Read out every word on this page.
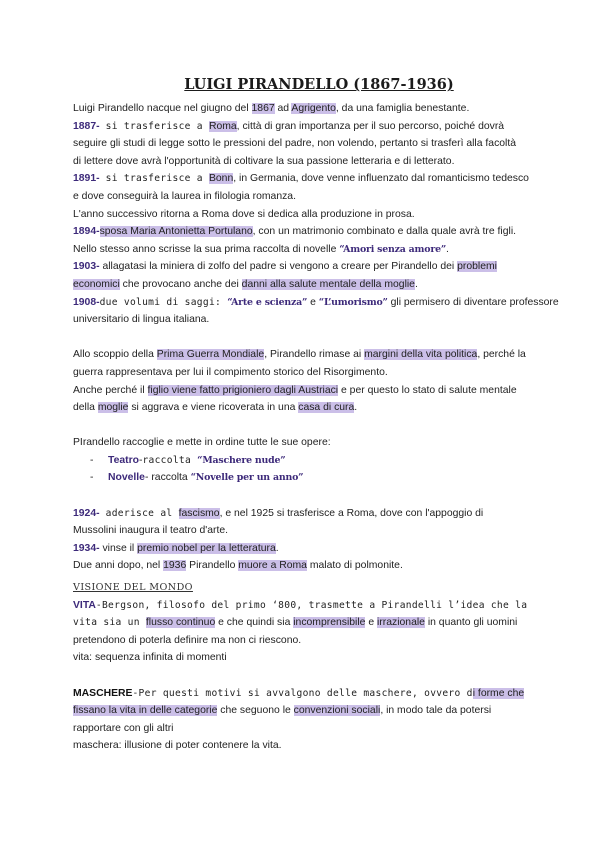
LUIGI PIRANDELLO (1867-1936)

Luigi Pirandello nacque nel giugno del 1867 ad Agrigento, da una famiglia benestante.

1887- si trasferisce a Roma, città di gran importanza per il suo percorso, poiché dovrà
seguire gli studi di legge sotto le pressioni del padre, non volendo, pertanto si trasferì alla facoltà
di lettere dove avrà l'opportunità di coltivare la sua passione letteraria e di letterato.

1891- si trasferisce a Bonn, in Germania, dove venne influenzato dal romanticismo tedesco
e dove conseguirà la laurea in filologia romanza.
L'anno successivo ritorna a Roma dove si dedica alla produzione in prosa.

1894-sposa Maria Antonietta Portulano, con un matrimonio combinato e dalla quale avrà tre figli.
Nello stesso anno scrisse la sua prima raccolta di novelle “Amori senza amore”.

1903- allagatasi la miniera di zolfo del padre si vengono a creare per Pirandello dei problemi
economici che provocano anche dei danni alla salute mentale della moglie.

1908-due volumi di saggi: “Arte e scienza” e “L’umorismo” gli permisero di diventare professore
universitario di lingua italiana.

Allo scoppio della Prima Guerra Mondiale, Pirandello rimase ai margini della vita politica, perché la
guerra rappresentava per lui il compimento storico del Risorgimento.
Anche perché il figlio viene fatto prigioniero dagli Austriaci e per questo lo stato di salute mentale
della moglie si aggrava e viene ricoverata in una casa di cura.

PIrandello raccoglie e mette in ordine tutte le sue opere:

- Teatro-raccolta “Maschere nude”
- Novelle- raccolta “Novelle per un anno”

1924- aderisce al fascismo, e nel 1925 si trasferisce a Roma, dove con l'appoggio di
Mussolini inaugura il teatro d'arte.

1934- vinse il premio nobel per la letteratura.

Due anni dopo, nel 1936 Pirandello muore a Roma malato di polmonite.

VISIONE DEL MONDO

VITA-Bergson, filosofo del primo ‘800, trasmette a Pirandelli l’idea che la
vita sia un flusso continuo e che quindi sia incomprensibile e irrazionale in quanto gli uomini
pretendono di poterla definire ma non ci riescono.
vita: sequenza infinita di momenti

MASCHERE-Per questi motivi si avvalgono delle maschere, ovvero di forme che
fissano la vita in delle categorie che seguono le convenzioni sociali, in modo tale da potersi
rapportare con gli altri
maschera: illusione di poter contenere la vita.
